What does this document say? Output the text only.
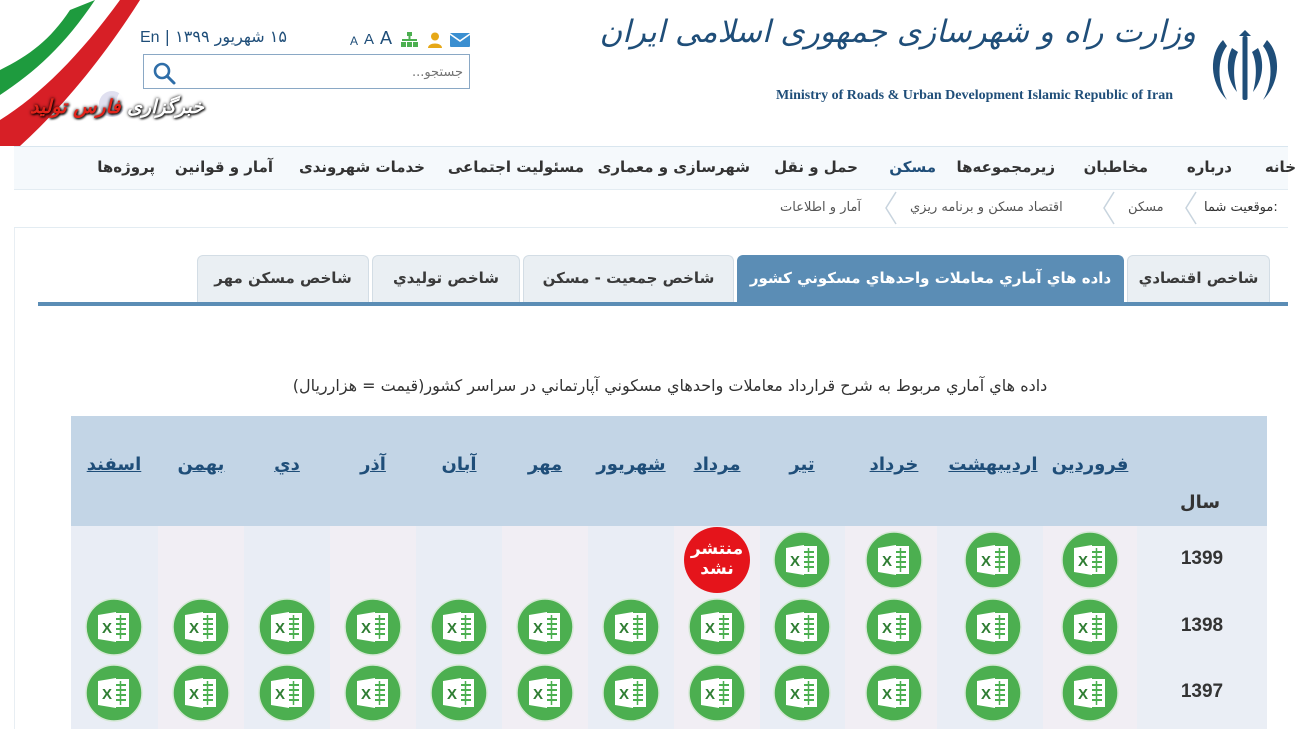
خبرگزاری فارس تولید
۱۵ شهریور ۱۳۹۹ | En	A A A
جستجو...	وزارت راه و شهرسازی جمهوری اسلامی ایران
Ministry of Roads & Urban Development Islamic Republic of Iran
خانه
درباره
مخاطبان
زیرمجموعه‌ها
مسکن
حمل و نقل
شهرسازی و معماری
مسئولیت اجتماعی
خدمات شهروندی
آمار و قوانین
پروژه‌ها
موقعیت شما:
مسکن
اقتصاد مسکن و برنامه ریزي
آمار و اطلاعات
شاخص اقتصادي
داده هاي آماري معاملات واحدهاي مسكوني كشور
شاخص جمعيت - مسکن
شاخص توليدي
شاخص مسکن مهر
داده هاي آماري مربوط به شرح قرارداد معاملات واحدهاي مسكوني آپارتماني در سراسر كشور(قيمت = هزارريال)
سال
فروردين
ارديبهشت
خرداد
تير
مرداد
شهريور
مهر
آبان
آذر
دي
بهمن
اسفند
1399
X
X
X
X
منتشر نشد
1398
X
X
X
X
X
X
X
X
X
X
X
X
1397
X
X
X
X
X
X
X
X
X
X
X
X
